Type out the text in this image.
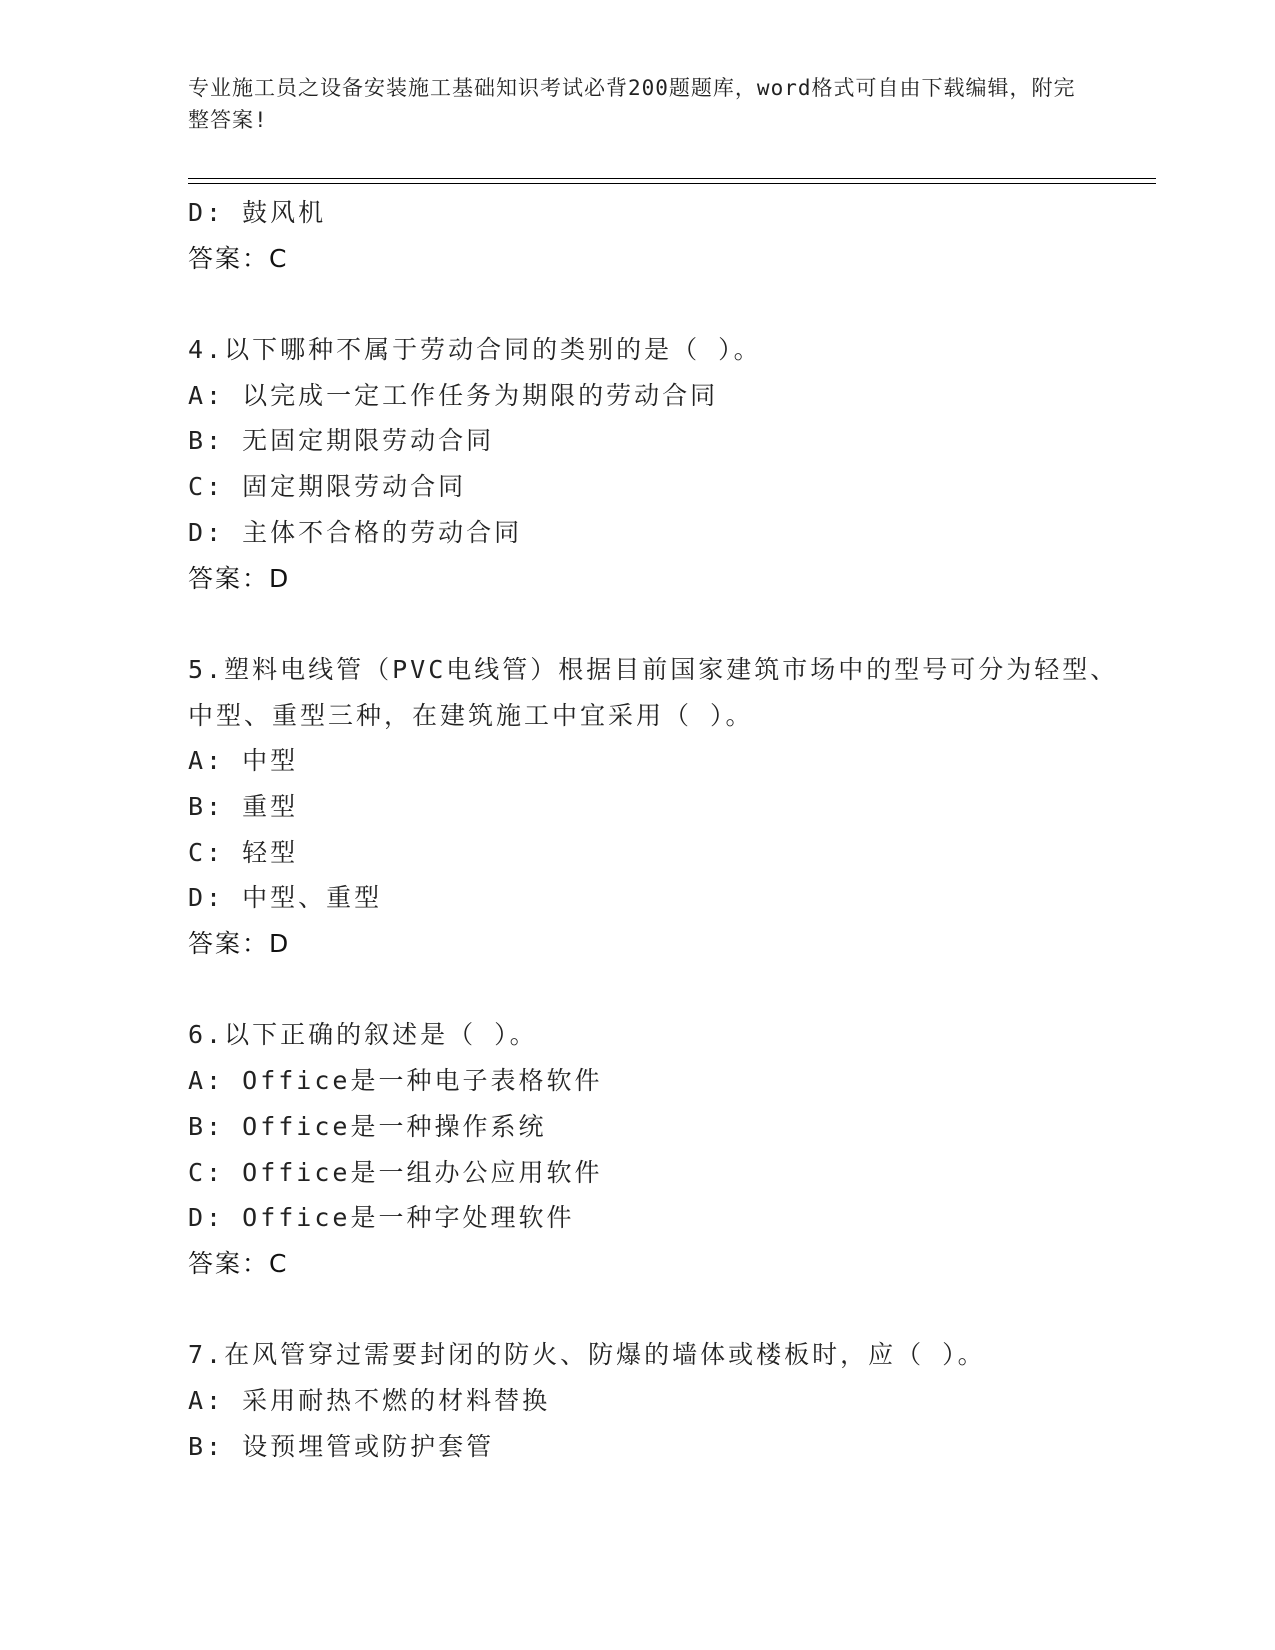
专业施工员之设备安装施工基础知识考试必背200题题库，word格式可自由下载编辑，附完整答案!
D: 鼓风机
答案：C
4.以下哪种不属于劳动合同的类别的是（ ）。
A: 以完成一定工作任务为期限的劳动合同
B: 无固定期限劳动合同
C: 固定期限劳动合同
D: 主体不合格的劳动合同
答案：D
5.塑料电线管（PVC电线管）根据目前国家建筑市场中的型号可分为轻型、中型、重型三种，在建筑施工中宜采用（ ）。
A: 中型
B: 重型
C: 轻型
D: 中型、重型
答案：D
6.以下正确的叙述是（ ）。
A: Office是一种电子表格软件
B: Office是一种操作系统
C: Office是一组办公应用软件
D: Office是一种字处理软件
答案：C
7.在风管穿过需要封闭的防火、防爆的墙体或楼板时，应（ ）。
A: 采用耐热不燃的材料替换
B: 设预埋管或防护套管
